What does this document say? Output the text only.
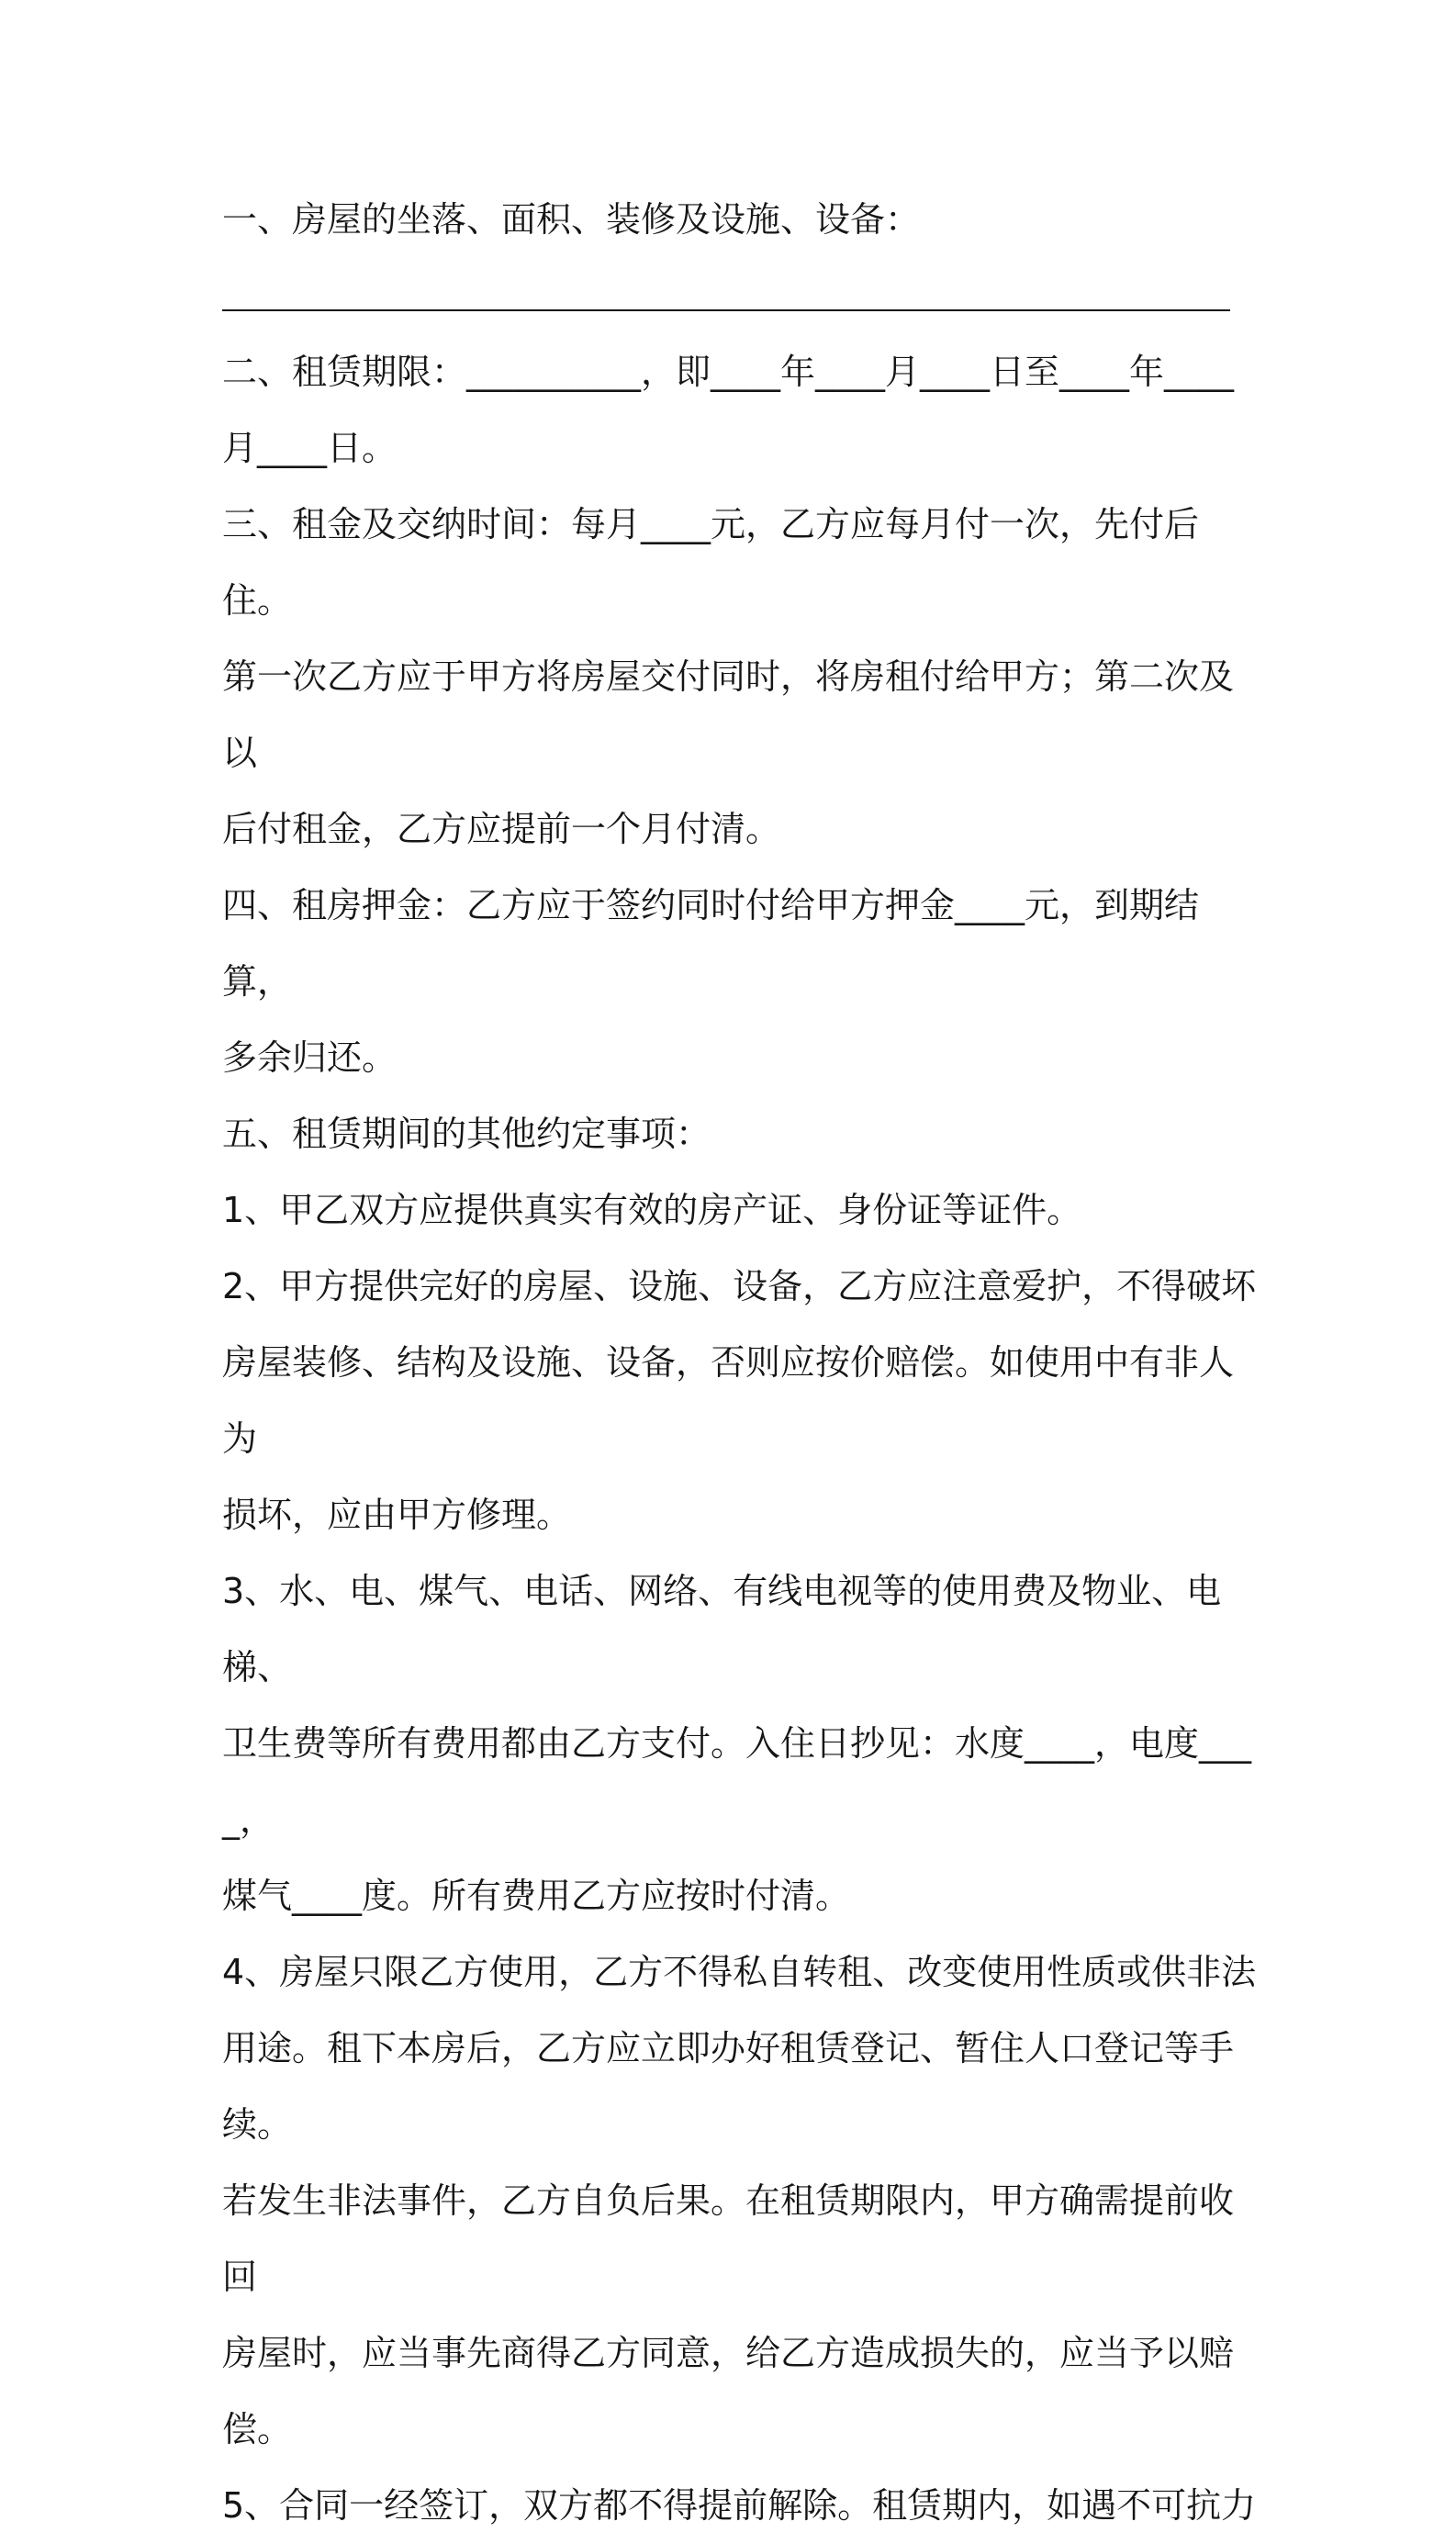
一、房屋的坐落、面积、装修及设施、设备：

二、租赁期限：__________，即____年____月____日至____年____

月____日。

三、租金及交纳时间：每月____元，乙方应每月付一次，先付后住。

第一次乙方应于甲方将房屋交付同时，将房租付给甲方；第二次及以

后付租金，乙方应提前一个月付清。

四、租房押金：乙方应于签约同时付给甲方押金____元，到期结算，

多余归还。

五、租赁期间的其他约定事项：

1、甲乙双方应提供真实有效的房产证、身份证等证件。

2、甲方提供完好的房屋、设施、设备，乙方应注意爱护，不得破坏

房屋装修、结构及设施、设备，否则应按价赔偿。如使用中有非人为

损坏，应由甲方修理。

3、水、电、煤气、电话、网络、有线电视等的使用费及物业、电梯、

卫生费等所有费用都由乙方支付。入住日抄见：水度____，电度____，

煤气____度。所有费用乙方应按时付清。

4、房屋只限乙方使用，乙方不得私自转租、改变使用性质或供非法

用途。租下本房后，乙方应立即办好租赁登记、暂住人口登记等手续。

若发生非法事件，乙方自负后果。在租赁期限内，甲方确需提前收回

房屋时，应当事先商得乙方同意，给乙方造成损失的，应当予以赔偿。

5、合同一经签订，双方都不得提前解除。租赁期内，如遇不可抗力
